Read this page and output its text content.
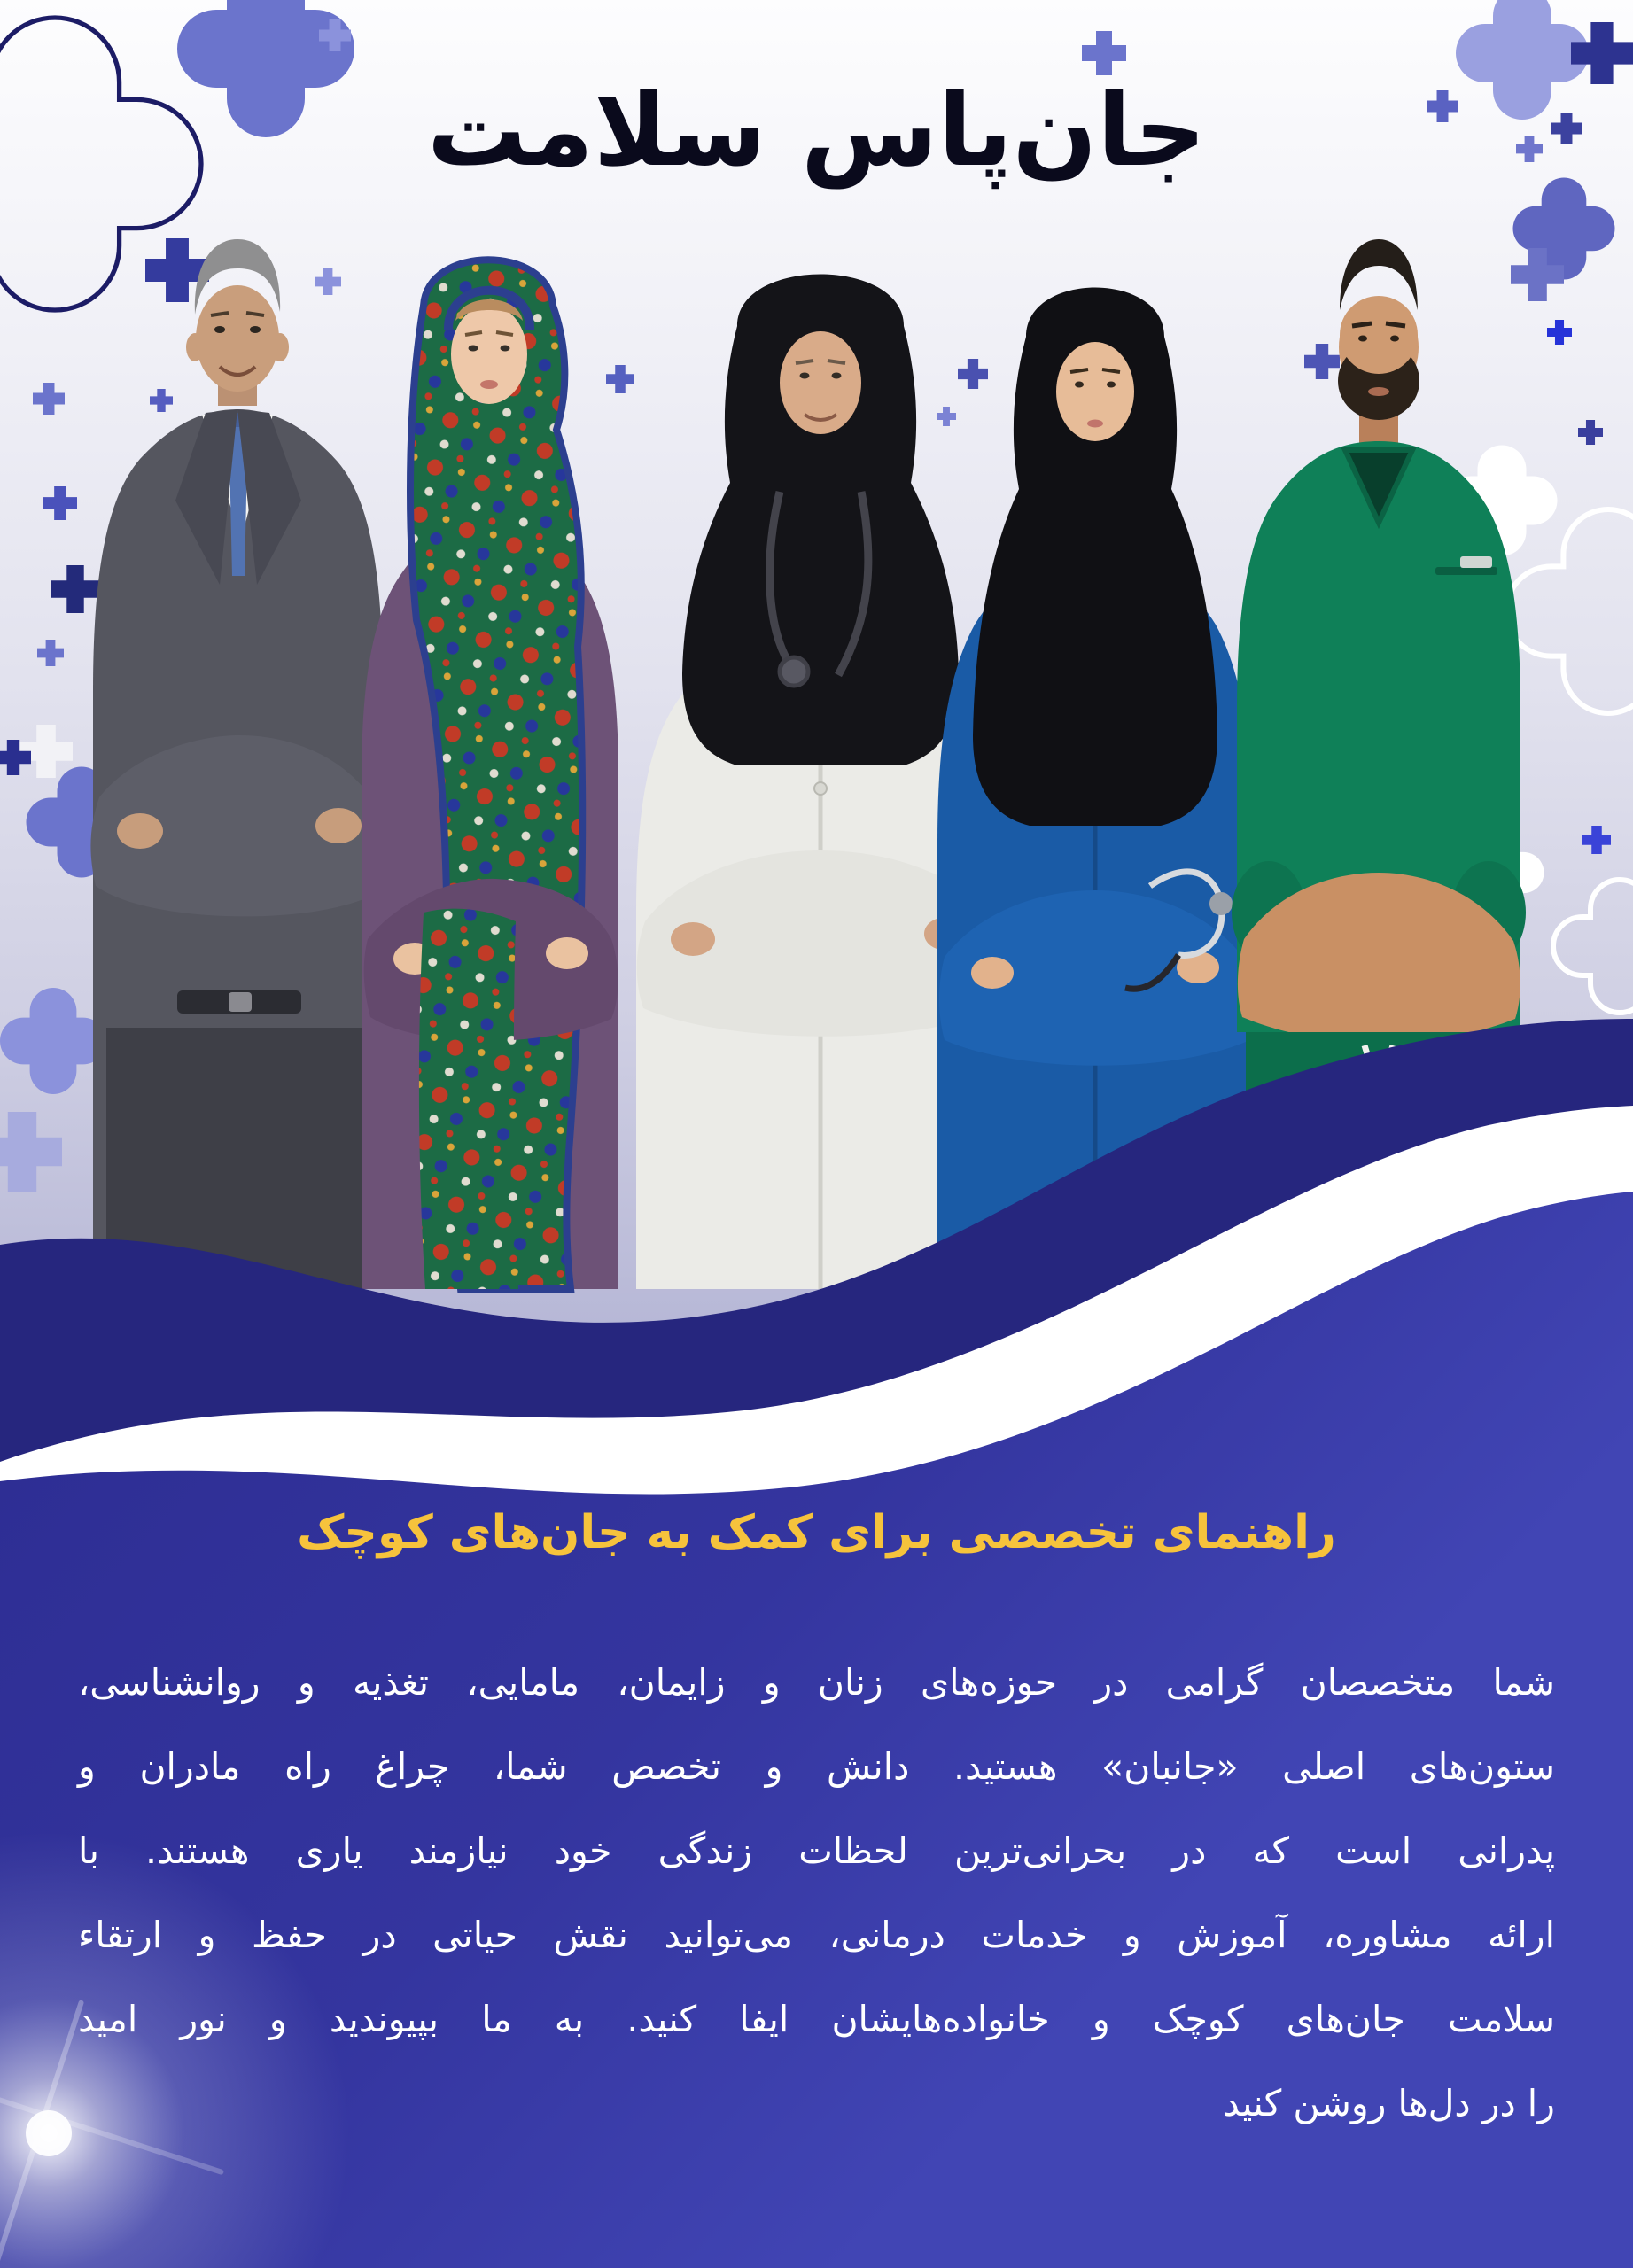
جان‌پاس سلامت
راهنمای تخصصی برای کمک به جان‌های کوچک
شما متخصصان گرامی در حوزه‌های زنان و زایمان، مامایی، تغذیه و روانشناسی،
ستون‌های اصلی «جانبان» هستید. دانش و تخصص شما، چراغ راه مادران و
پدرانی است که در بحرانی‌ترین لحظات زندگی خود نیازمند یاری هستند. با
ارائه مشاوره، آموزش و خدمات درمانی، می‌توانید نقش حیاتی در حفظ و ارتقاء
سلامت جان‌های کوچک و خانواده‌هایشان ایفا کنید. به ما بپیوندید و نور امید
را در دل‌ها روشن کنید
